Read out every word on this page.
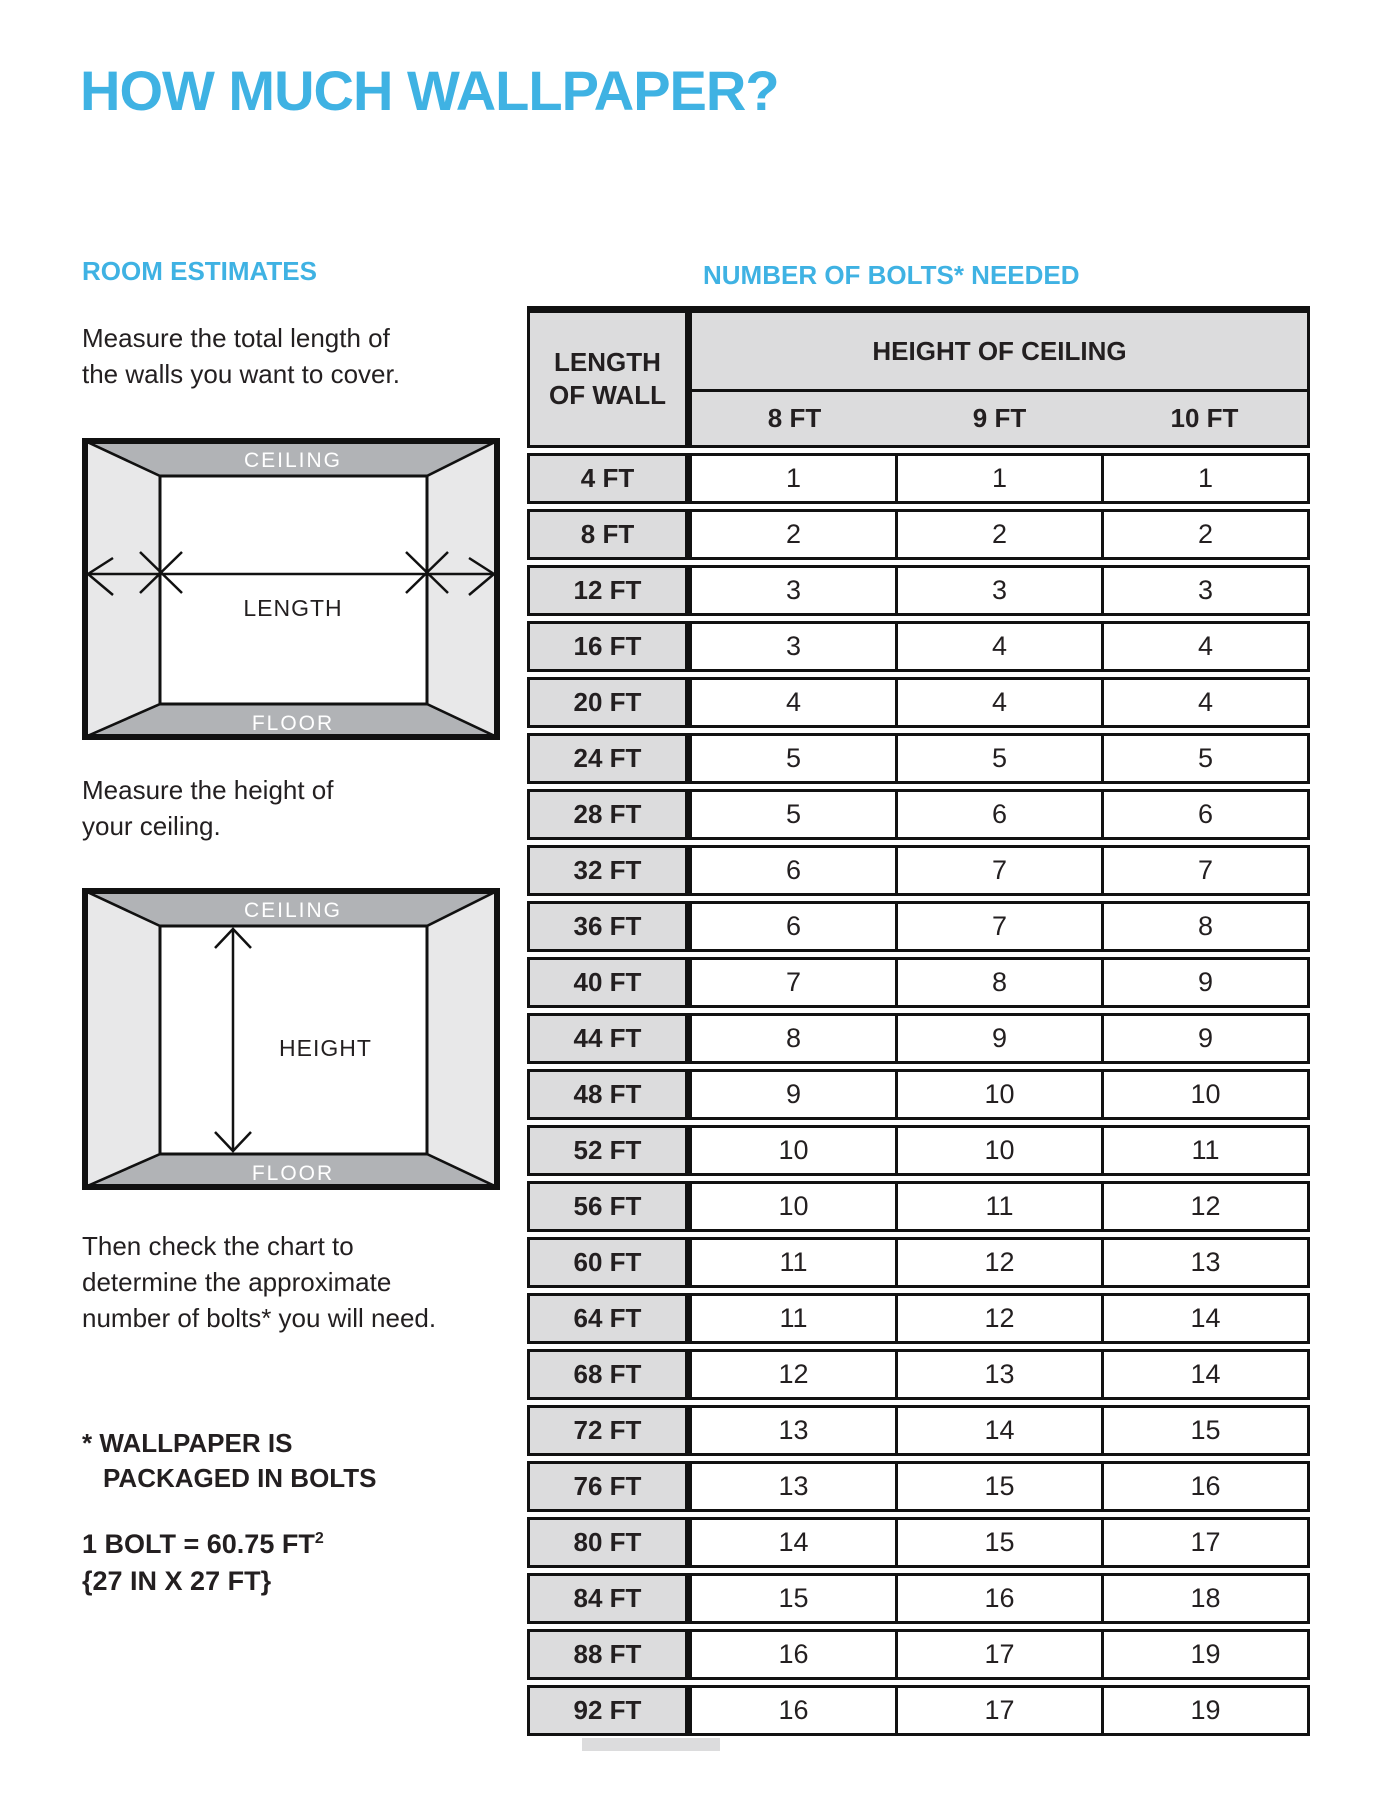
HOW MUCH WALLPAPER?
ROOM ESTIMATES
Measure the total length of
the walls you want to cover.
CEILING
FLOOR
LENGTH
Measure the height of
your ceiling.
CEILING
FLOOR
HEIGHT
Then check the chart to
determine the approximate
number of bolts* you will need.
* WALLPAPER IS
PACKAGED IN BOLTS
1 BOLT = 60.75 $FT^2$
{27 IN X 27 FT}
NUMBER OF BOLTS* NEEDED
LENGTH OF WALL
HEIGHT OF CEILING
8 FT	9 FT	10 FT
4 FT	1	1	1
8 FT	2	2	2
12 FT	3	3	3
16 FT	3	4	4
20 FT	4	4	4
24 FT	5	5	5
28 FT	5	6	6
32 FT	6	7	7
36 FT	6	7	8
40 FT	7	8	9
44 FT	8	9	9
48 FT	9	10	10
52 FT	10	10	11
56 FT	10	11	12
60 FT	11	12	13
64 FT	11	12	14
68 FT	12	13	14
72 FT	13	14	15
76 FT	13	15	16
80 FT	14	15	17
84 FT	15	16	18
88 FT	16	17	19
92 FT	16	17	19
